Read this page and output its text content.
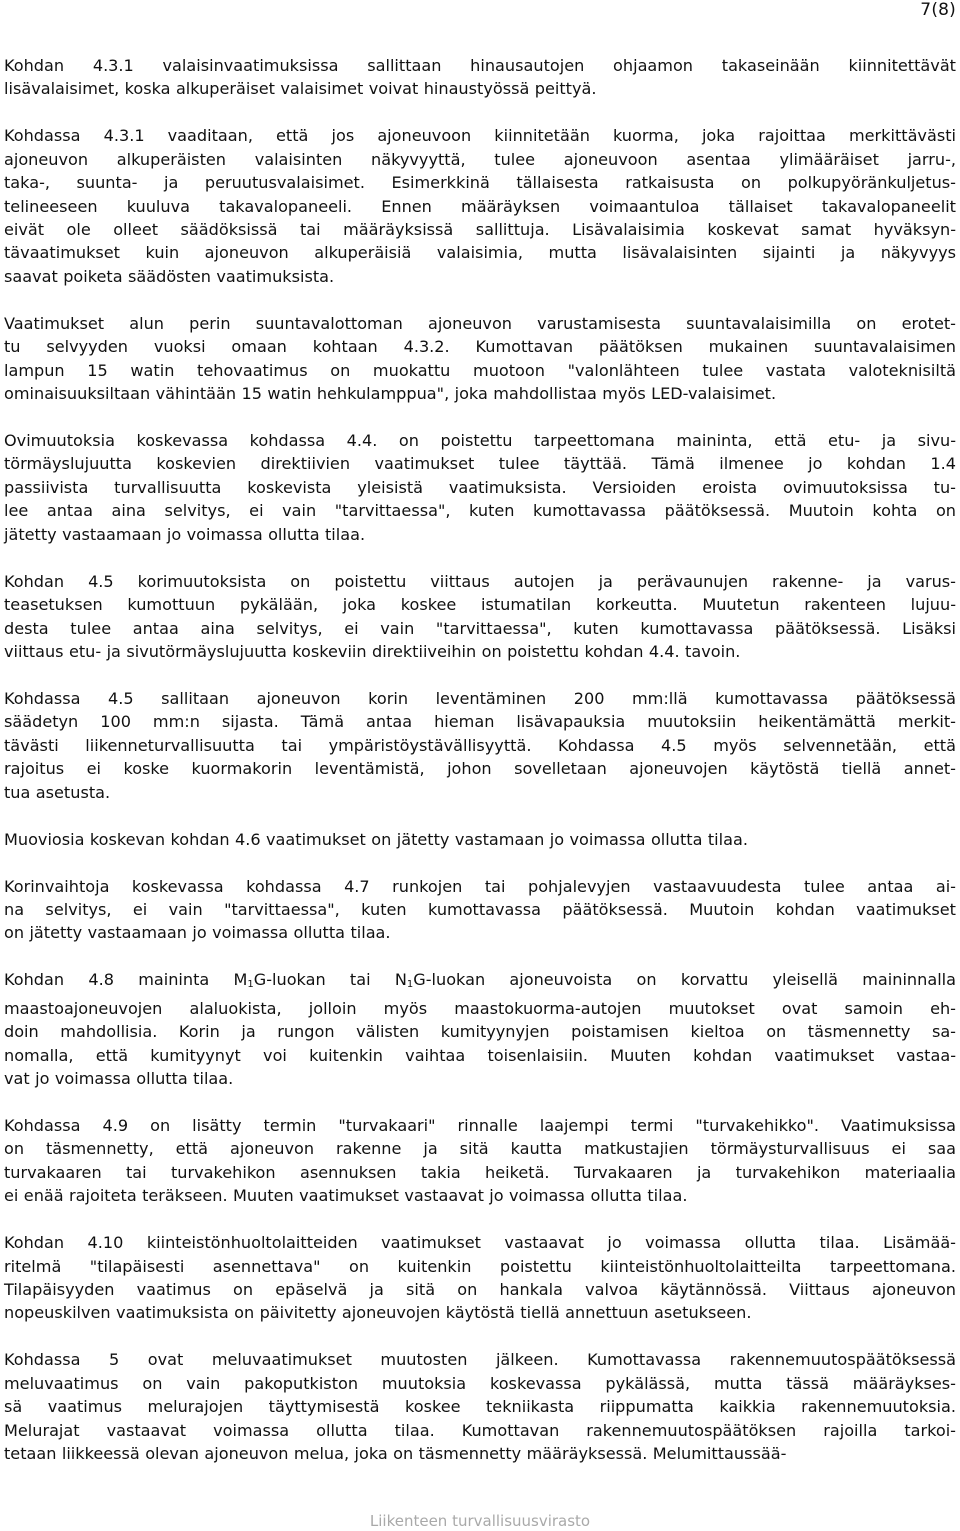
7(8)

Kohdan 4.3.1 valaisinvaatimuksissa sallittaan hinausautojen ohjaamon takaseinään kiinnitettävät
lisävalaisimet, koska alkuperäiset valaisimet voivat hinaustyössä peittyä.

Kohdassa 4.3.1 vaaditaan, että jos ajoneuvoon kiinnitetään kuorma, joka rajoittaa merkittävästi
ajoneuvon alkuperäisten valaisinten näkyvyyttä, tulee ajoneuvoon asentaa ylimääräiset jarru-,
taka-, suunta- ja peruutusvalaisimet. Esimerkkinä tällaisesta ratkaisusta on polkupyöränkuljetus-
telineeseen kuuluva takavalopaneeli. Ennen määräyksen voimaantuloa tällaiset takavalopaneelit
eivät ole olleet säädöksissä tai määräyksissä sallittuja. Lisävalaisimia koskevat samat hyväksyn-
tävaatimukset kuin ajoneuvon alkuperäisiä valaisimia, mutta lisävalaisinten sijainti ja näkyvyys
saavat poiketa säädösten vaatimuksista.

Vaatimukset alun perin suuntavalottoman ajoneuvon varustamisesta suuntavalaisimilla on erotet-
tu selvyyden vuoksi omaan kohtaan 4.3.2. Kumottavan päätöksen mukainen suuntavalaisimen
lampun 15 watin tehovaatimus on muokattu muotoon "valonlähteen tulee vastata valoteknisiltä
ominaisuuksiltaan vähintään 15 watin hehkulamppua", joka mahdollistaa myös LED-valaisimet.

Ovimuutoksia koskevassa kohdassa 4.4. on poistettu tarpeettomana maininta, että etu- ja sivu-
törmäyslujuutta koskevien direktiivien vaatimukset tulee täyttää. Tämä ilmenee jo kohdan 1.4
passiivista turvallisuutta koskevista yleisistä vaatimuksista. Versioiden eroista ovimuutoksissa tu-
lee antaa aina selvitys, ei vain "tarvittaessa", kuten kumottavassa päätöksessä. Muutoin kohta on
jätetty vastaamaan jo voimassa ollutta tilaa.

Kohdan 4.5 korimuutoksista on poistettu viittaus autojen ja perävaunujen rakenne- ja varus-
teasetuksen kumottuun pykälään, joka koskee istumatilan korkeutta. Muutetun rakenteen lujuu-
desta tulee antaa aina selvitys, ei vain "tarvittaessa", kuten kumottavassa päätöksessä. Lisäksi
viittaus etu- ja sivutörmäyslujuutta koskeviin direktiiveihin on poistettu kohdan 4.4. tavoin.

Kohdassa 4.5 sallitaan ajoneuvon korin leventäminen 200 mm:llä kumottavassa päätöksessä
säädetyn 100 mm:n sijasta. Tämä antaa hieman lisävapauksia muutoksiin heikentämättä merkit-
tävästi liikenneturvallisuutta tai ympäristöystävällisyyttä. Kohdassa 4.5 myös selvennetään, että
rajoitus ei koske kuormakorin leventämistä, johon sovelletaan ajoneuvojen käytöstä tiellä annet-
tua asetusta.

Muoviosia koskevan kohdan 4.6 vaatimukset on jätetty vastamaan jo voimassa ollutta tilaa.

Korinvaihtoja koskevassa kohdassa 4.7 runkojen tai pohjalevyjen vastaavuudesta tulee antaa ai-
na selvitys, ei vain "tarvittaessa", kuten kumottavassa päätöksessä. Muutoin kohdan vaatimukset
on jätetty vastaamaan jo voimassa ollutta tilaa.

Kohdan 4.8 maininta $M_1G$-luokan tai $N_1G$-luokan ajoneuvoista on korvattu yleisellä maininnalla
maastoajoneuvojen alaluokista, jolloin myös maastokuorma-autojen muutokset ovat samoin eh-
doin mahdollisia. Korin ja rungon välisten kumityynyjen poistamisen kieltoa on täsmennetty sa-
nomalla, että kumityynyt voi kuitenkin vaihtaa toisenlaisiin. Muuten kohdan vaatimukset vastaa-
vat jo voimassa ollutta tilaa.

Kohdassa 4.9 on lisätty termin "turvakaari" rinnalle laajempi termi "turvakehikko". Vaatimuksissa
on täsmennetty, että ajoneuvon rakenne ja sitä kautta matkustajien törmäysturvallisuus ei saa
turvakaaren tai turvakehikon asennuksen takia heiketä. Turvakaaren ja turvakehikon materiaalia
ei enää rajoiteta teräkseen. Muuten vaatimukset vastaavat jo voimassa ollutta tilaa.

Kohdan 4.10 kiinteistönhuoltolaitteiden vaatimukset vastaavat jo voimassa ollutta tilaa. Lisämää-
ritelmä "tilapäisesti asennettava" on kuitenkin poistettu kiinteistönhuoltolaitteilta tarpeettomana.
Tilapäisyyden vaatimus on epäselvä ja sitä on hankala valvoa käytännössä. Viittaus ajoneuvon
nopeuskilven vaatimuksista on päivitetty ajoneuvojen käytöstä tiellä annettuun asetukseen.

Kohdassa 5 ovat meluvaatimukset muutosten jälkeen. Kumottavassa rakennemuutospäätöksessä
meluvaatimus on vain pakoputkiston muutoksia koskevassa pykälässä, mutta tässä määräykses-
sä vaatimus melurajojen täyttymisestä koskee tekniikasta riippumatta kaikkia rakennemuutoksia.
Melurajat vastaavat voimassa ollutta tilaa. Kumottavan rakennemuutospäätöksen rajoilla tarkoi-
tetaan liikkeessä olevan ajoneuvon melua, joka on täsmennetty määräyksessä. Melumittaussää-

Liikenteen turvallisuusvirasto
